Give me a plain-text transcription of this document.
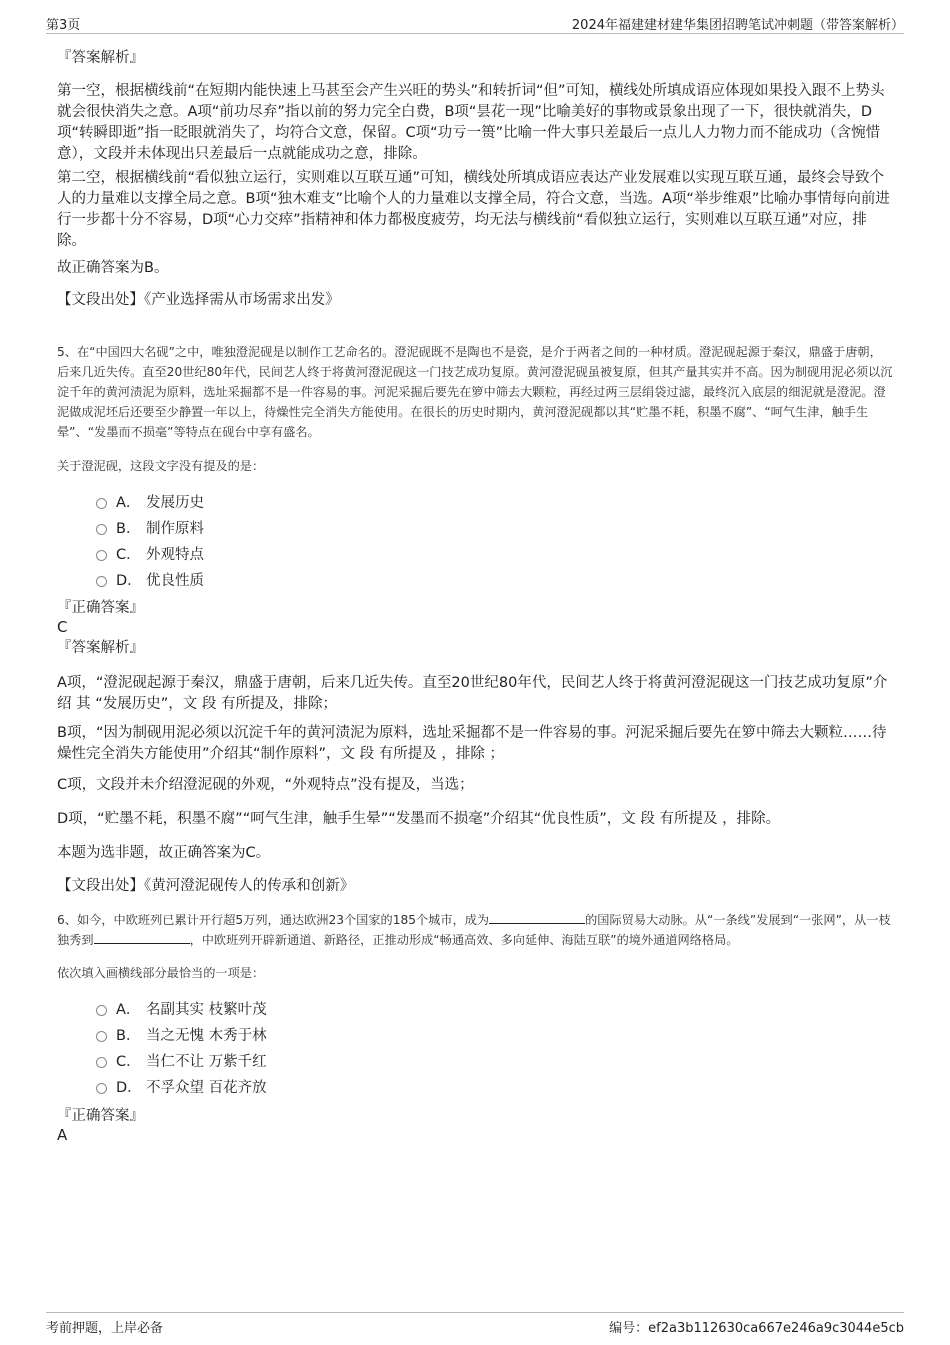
第3页	2024年福建建材建华集团招聘笔试冲刺题（带答案解析）
『答案解析』

第一空，根据横线前“在短期内能快速上马甚至会产生兴旺的势头”和转折词“但”可知，横线处所填成语应体现如果投入跟不上势头就会很快消失之意。A项“前功尽弃”指以前的努力完全白费，B项“昙花一现”比喻美好的事物或景象出现了一下，很快就消失，D项“转瞬即逝”指一眨眼就消失了，均符合文意，保留。C项“功亏一篑”比喻一件大事只差最后一点儿人力物力而不能成功（含惋惜意），文段并未体现出只差最后一点就能成功之意，排除。

第二空，根据横线前“看似独立运行，实则难以互联互通”可知，横线处所填成语应表达产业发展难以实现互联互通，最终会导致个人的力量难以支撑全局之意。B项“独木难支”比喻个人的力量难以支撑全局，符合文意，当选。A项“举步维艰”比喻办事情每向前进行一步都十分不容易，D项“心力交瘁”指精神和体力都极度疲劳，均无法与横线前“看似独立运行，实则难以互联互通”对应，排除。

故正确答案为B。
【文段出处】《产业选择需从市场需求出发》

5、在“中国四大名砚”之中，唯独澄泥砚是以制作工艺命名的。澄泥砚既不是陶也不是瓷，是介于两者之间的一种材质。澄泥砚起源于秦汉，鼎盛于唐朝，后来几近失传。直至20世纪80年代，民间艺人终于将黄河澄泥砚这一门技艺成功复原。黄河澄泥砚虽被复原，但其产量其实并不高。因为制砚用泥必须以沉淀千年的黄河渍泥为原料，选址采掘都不是一件容易的事。河泥采掘后要先在箩中筛去大颗粒，再经过两三层绢袋过滤，最终沉入底层的细泥就是澄泥。澄泥做成泥坯后还要至少静置一年以上，待燥性完全消失方能使用。在很长的历史时期内，黄河澄泥砚都以其“贮墨不耗，积墨不腐”、“呵气生津，触手生晕”、“发墨而不损毫”等特点在砚台中享有盛名。

关于澄泥砚，这段文字没有提及的是：
A． 发展历史
B． 制作原料
C． 外观特点
D． 优良性质
『正确答案』
C
『答案解析』

A项，“澄泥砚起源于秦汉，鼎盛于唐朝，后来几近失传。直至20世纪80年代，民间艺人终于将黄河澄泥砚这一门技艺成功复原”介绍 其 “发展历史”，文 段 有所提及，排除；

B项，“因为制砚用泥必须以沉淀千年的黄河渍泥为原料，选址采掘都不是一件容易的事。河泥采掘后要先在箩中筛去大颗粒……待燥性完全消失方能使用”介绍其“制作原料”，文 段 有所提及 ，排除 ；

C项，文段并未介绍澄泥砚的外观，“外观特点”没有提及，当选；
D项，“贮墨不耗，积墨不腐”“呵气生津，触手生晕”“发墨而不损毫”介绍其“优良性质”，文 段 有所提及 ，排除。
本题为选非题，故正确答案为C。
【文段出处】《黄河澄泥砚传人的传承和创新》

6、如今，中欧班列已累计开行超5万列，通达欧洲23个国家的185个城市，成为	的国际贸易大动脉。从“一条线”发展到“一张网”，从一枝独秀到	，中欧班列开辟新通道、新路径，正推动形成“畅通高效、多向延伸、海陆互联”的境外通道网络格局。

依次填入画横线部分最恰当的一项是：
A． 名副其实 枝繁叶茂
B． 当之无愧 木秀于林
C． 当仁不让 万紫千红
D． 不孚众望 百花齐放
『正确答案』
A
考前押题，上岸必备	编号：ef2a3b112630ca667e246a9c3044e5cb
